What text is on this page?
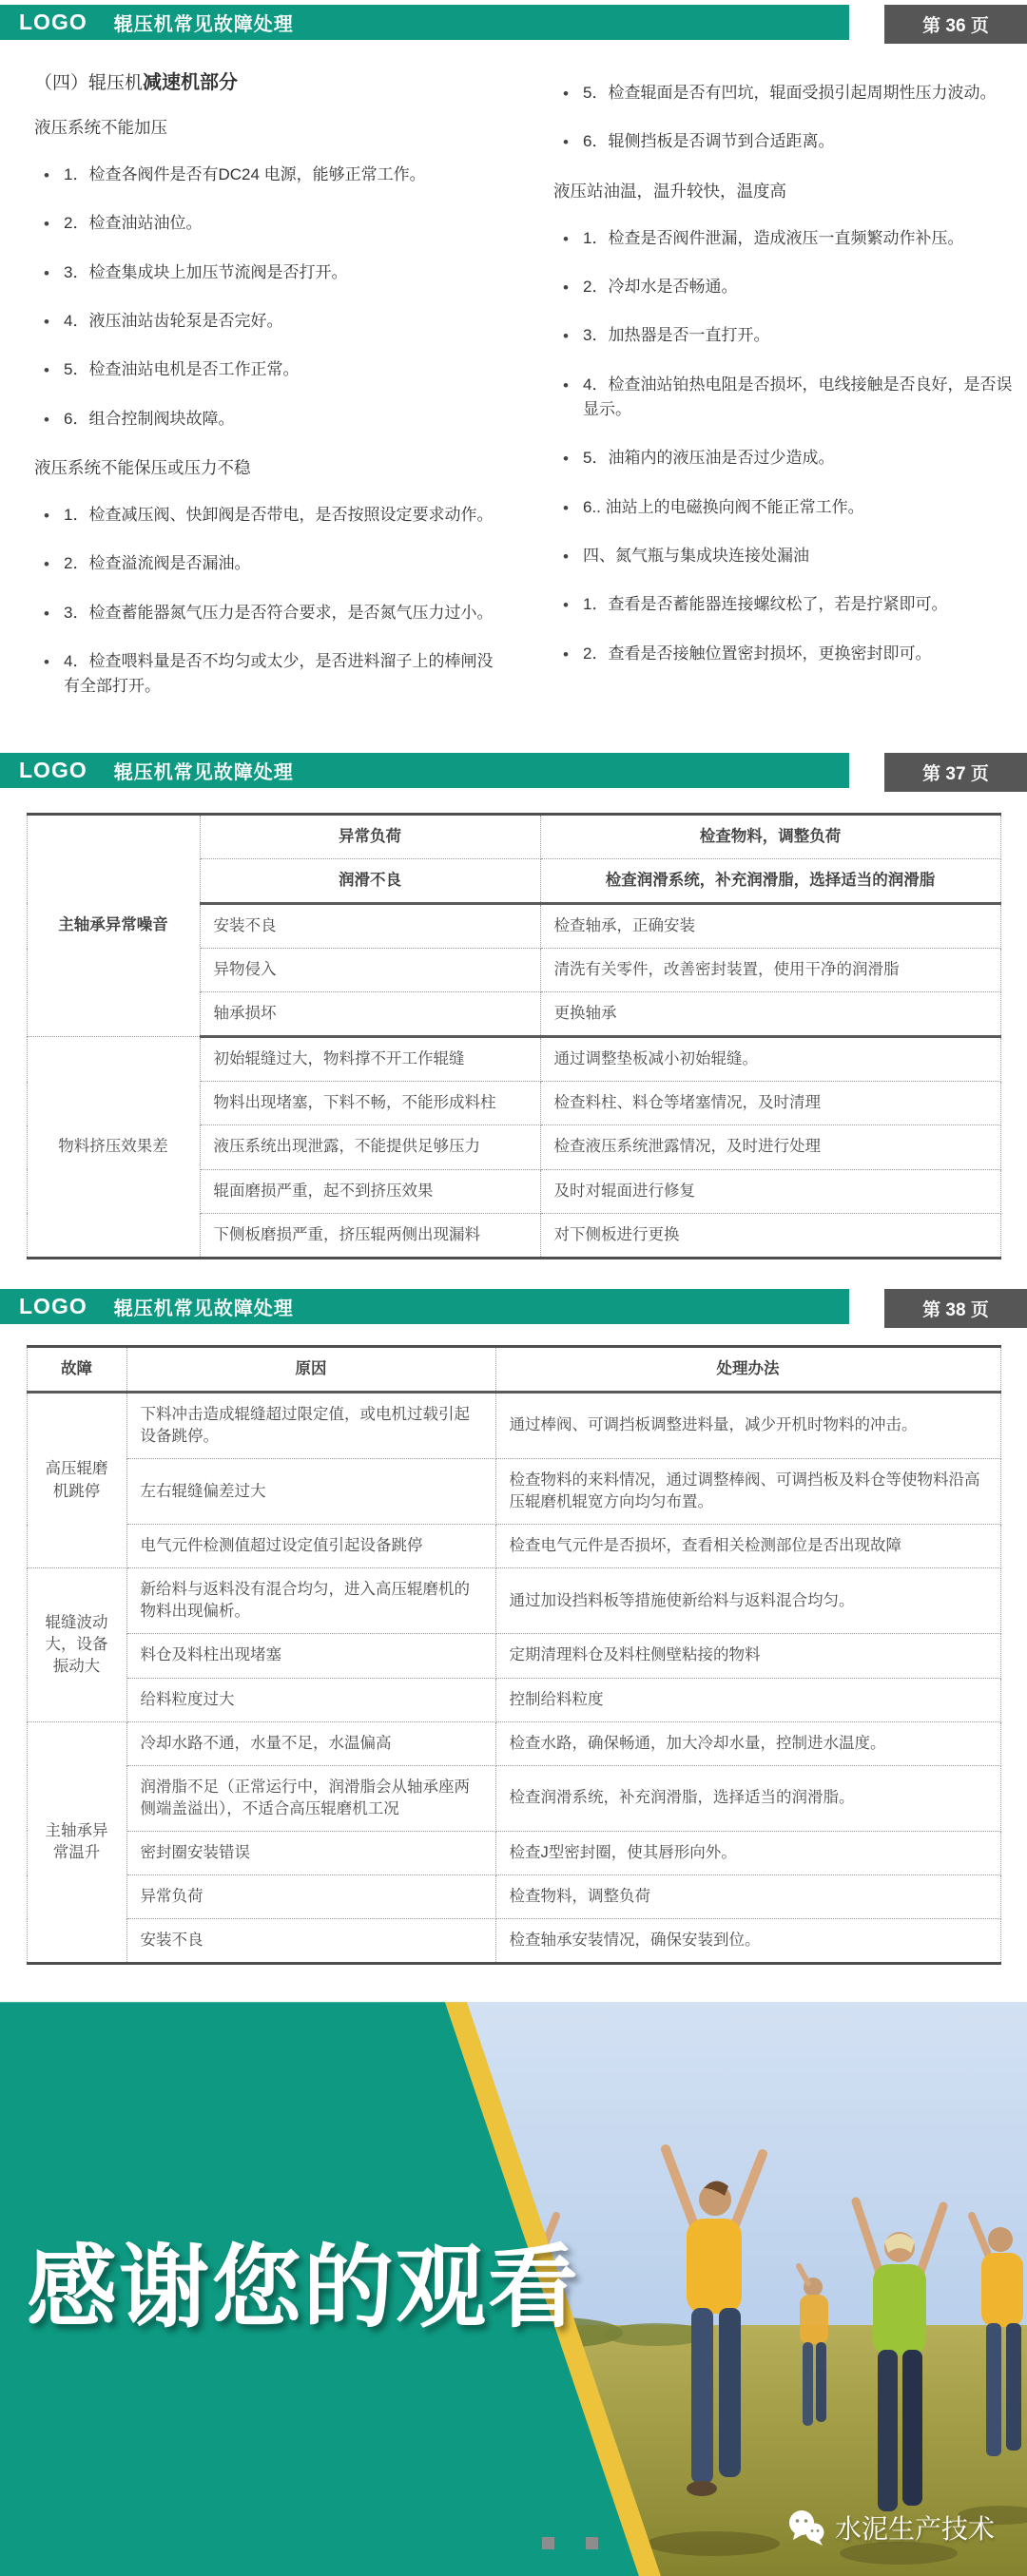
LOGO 辊压机常见故障处理	第 36 页
（四）辊压机减速机部分
液压系统不能加压
• 1．检查各阀件是否有DC24 电源，能够正常工作。
• 2．检查油站油位。
• 3．检查集成块上加压节流阀是否打开。
• 4．液压油站齿轮泵是否完好。
• 5．检查油站电机是否工作正常。
• 6．组合控制阀块故障。
液压系统不能保压或压力不稳
• 1．检查减压阀、快卸阀是否带电，是否按照设定要求动作。
• 2．检查溢流阀是否漏油。
• 3．检查蓄能器氮气压力是否符合要求，是否氮气压力过小。
• 4．检查喂料量是否不均匀或太少，是否进料溜子上的棒闸没有全部打开。
• 5．检查辊面是否有凹坑，辊面受损引起周期性压力波动。
• 6．辊侧挡板是否调节到合适距离。
液压站油温，温升较快，温度高
• 1．检查是否阀件泄漏，造成液压一直频繁动作补压。
• 2．冷却水是否畅通。
• 3．加热器是否一直打开。
• 4．检查油站铂热电阻是否损坏，电线接触是否良好，是否误显示。
• 5．油箱内的液压油是否过少造成。
• 6.. 油站上的电磁换向阀不能正常工作。
• 四、氮气瓶与集成块连接处漏油
• 1．查看是否蓄能器连接螺纹松了，若是拧紧即可。
• 2．查看是否接触位置密封损坏，更换密封即可。
LOGO 辊压机常见故障处理	第 37 页
主轴承异常噪音	异常负荷	检查物料，调整负荷
	润滑不良	检查润滑系统，补充润滑脂，选择适当的润滑脂
	安装不良	检查轴承，正确安装
	异物侵入	清洗有关零件，改善密封装置，使用干净的润滑脂
	轴承损坏	更换轴承
物料挤压效果差	初始辊缝过大，物料撑不开工作辊缝	通过调整垫板减小初始辊缝。
	物料出现堵塞，下料不畅，不能形成料柱	检查料柱、料仓等堵塞情况，及时清理
	液压系统出现泄露，不能提供足够压力	检查液压系统泄露情况，及时进行处理
	辊面磨损严重，起不到挤压效果	及时对辊面进行修复
	下侧板磨损严重，挤压辊两侧出现漏料	对下侧板进行更换
LOGO 辊压机常见故障处理	第 38 页
故障	原因	处理办法
高压辊磨机跳停	下料冲击造成辊缝超过限定值，或电机过载引起设备跳停。	通过棒阀、可调挡板调整进料量，减少开机时物料的冲击。
	左右辊缝偏差过大	检查物料的来料情况，通过调整棒阀、可调挡板及料仓等使物料沿高压辊磨机辊宽方向均匀布置。
	电气元件检测值超过设定值引起设备跳停	检查电气元件是否损坏，查看相关检测部位是否出现故障
辊缝波动大，设备振动大	新给料与返料没有混合均匀，进入高压辊磨机的物料出现偏析。	通过加设挡料板等措施使新给料与返料混合均匀。
	料仓及料柱出现堵塞	定期清理料仓及料柱侧壁粘接的物料
	给料粒度过大	控制给料粒度
主轴承异常温升	冷却水路不通，水量不足，水温偏高	检查水路，确保畅通，加大冷却水量，控制进水温度。
	润滑脂不足（正常运行中，润滑脂会从轴承座两侧端盖溢出），不适合高压辊磨机工况	检查润滑系统，补充润滑脂，选择适当的润滑脂。
	密封圈安装错误	检查J型密封圈，使其唇形向外。
	异常负荷	检查物料，调整负荷
	安装不良	检查轴承安装情况，确保安装到位。
感谢您的观看
水泥生产技术
